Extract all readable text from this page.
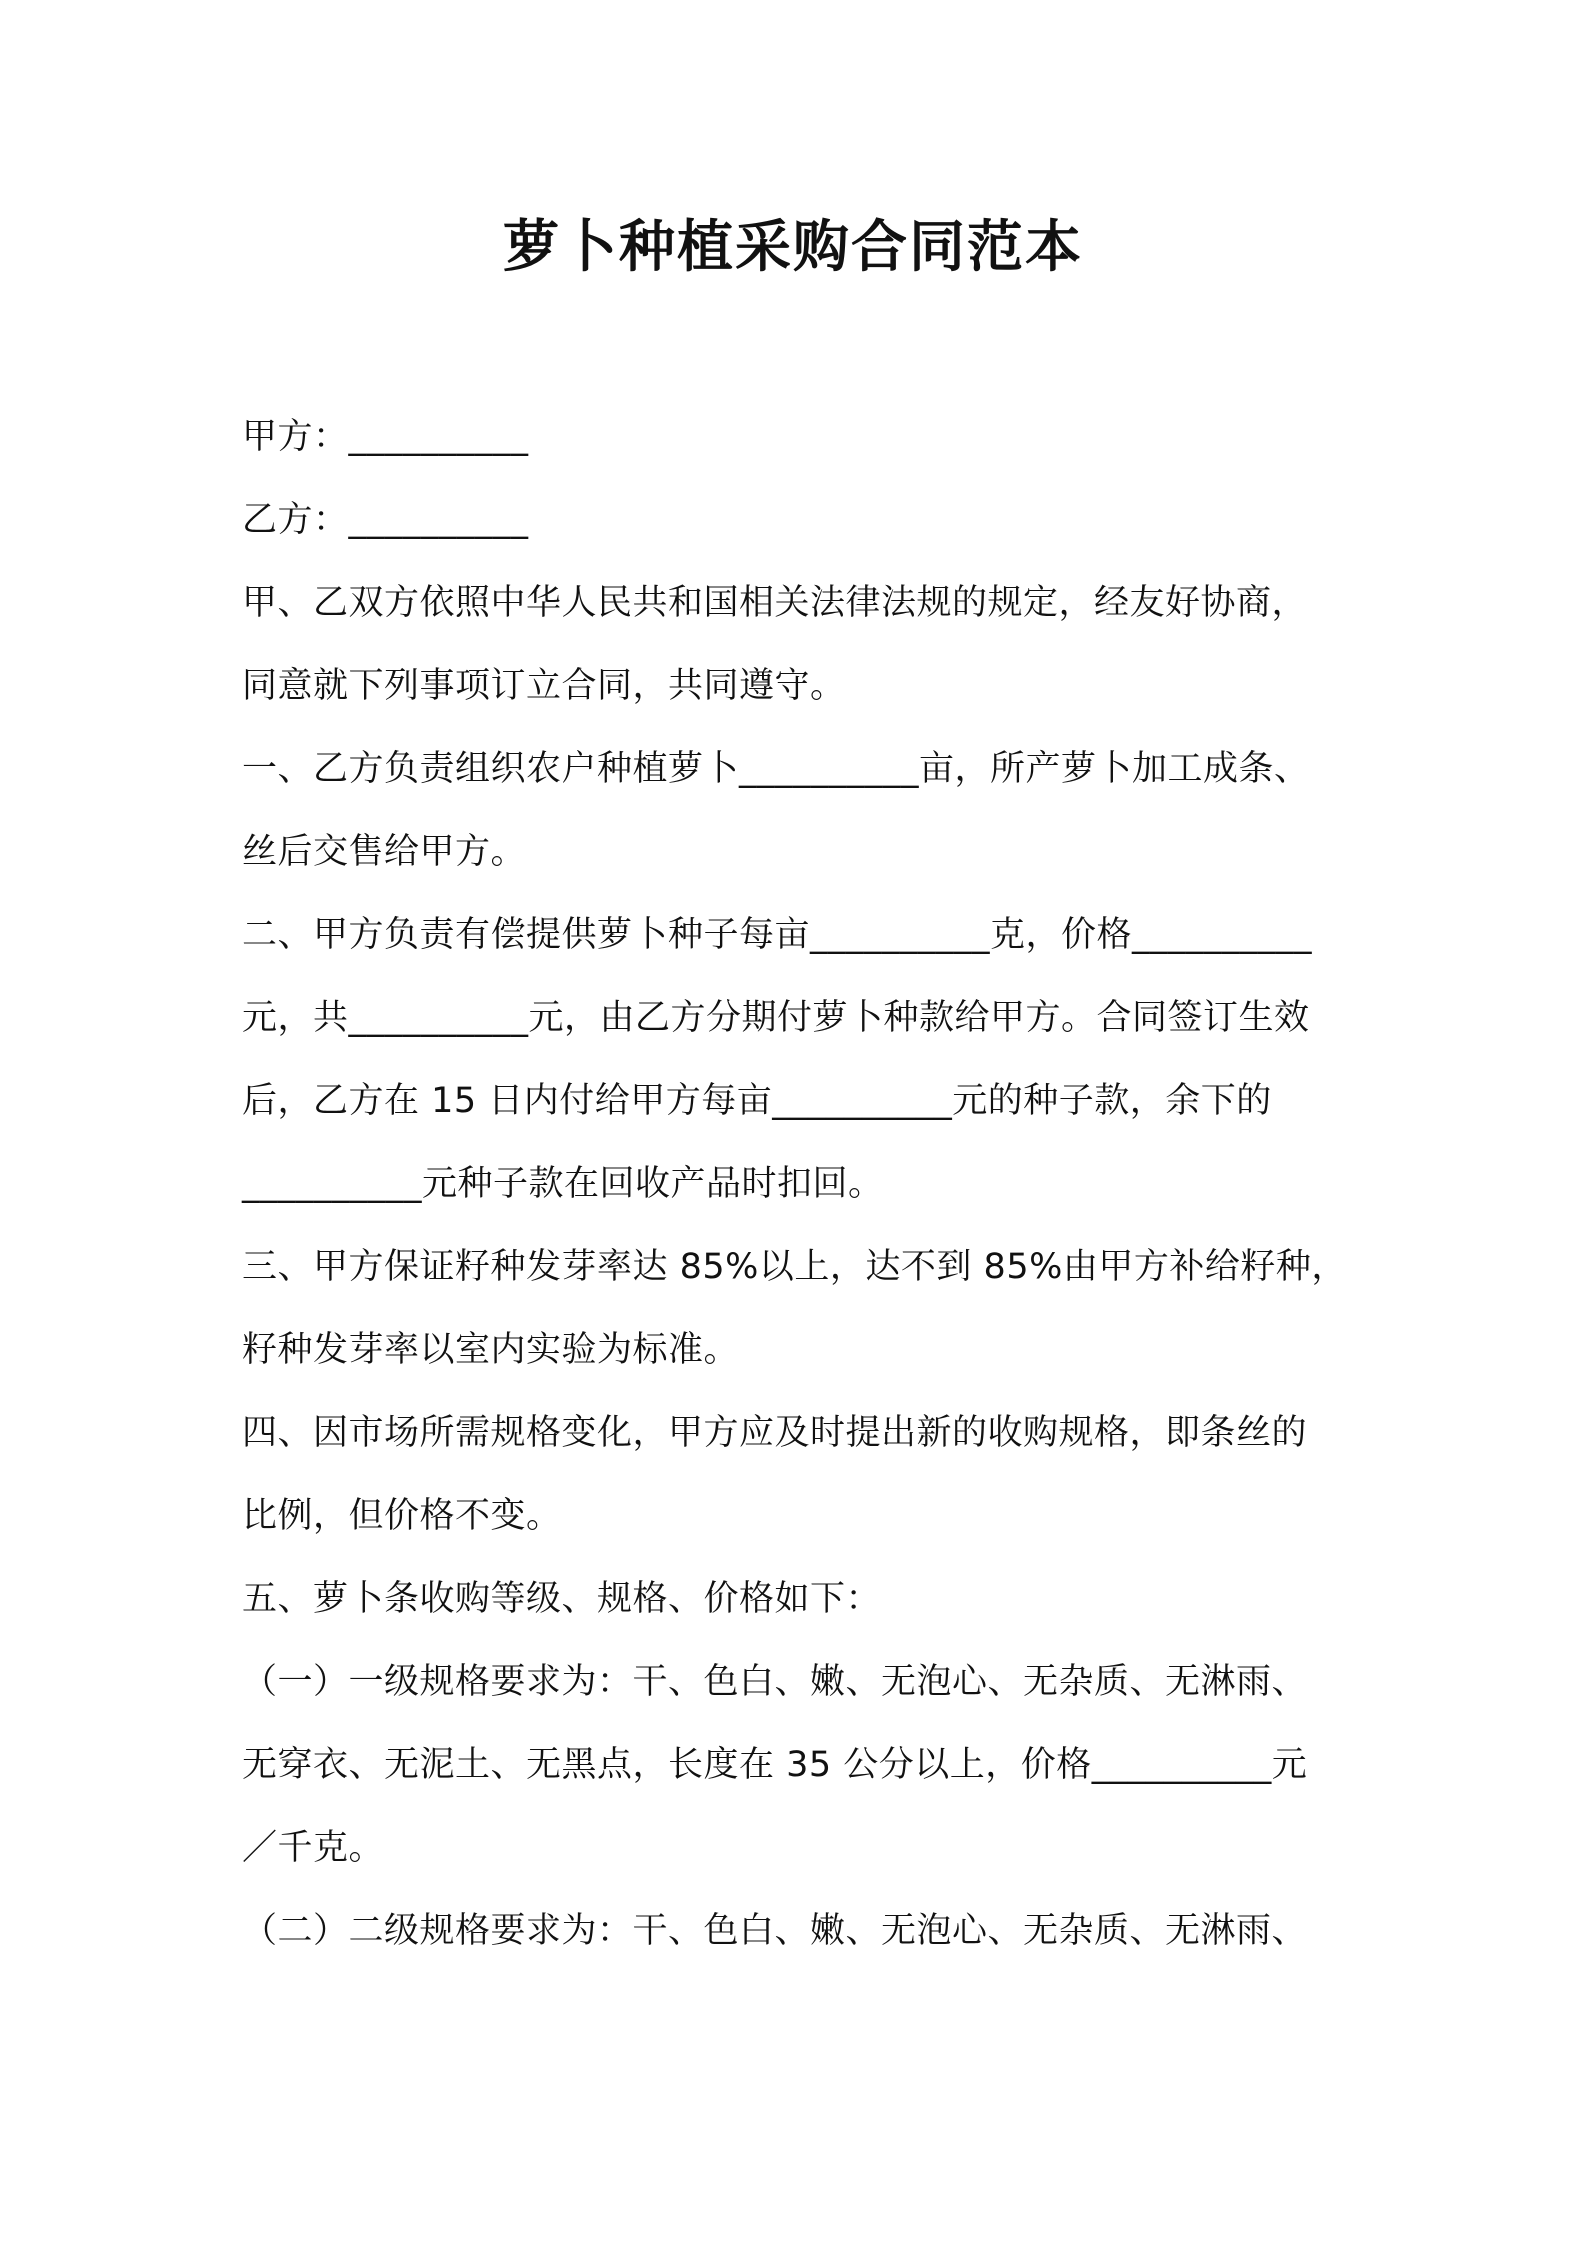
萝卜种植采购合同范本
甲方：__________
乙方：__________
甲、乙双方依照中华人民共和国相关法律法规的规定，经友好协商，
同意就下列事项订立合同，共同遵守。
一、乙方负责组织农户种植萝卜__________亩，所产萝卜加工成条、
丝后交售给甲方。
二、甲方负责有偿提供萝卜种子每亩__________克，价格__________
元，共__________元，由乙方分期付萝卜种款给甲方。合同签订生效
后，乙方在 15 日内付给甲方每亩__________元的种子款，余下的
__________元种子款在回收产品时扣回。
三、甲方保证籽种发芽率达 85%以上，达不到 85%由甲方补给籽种，
籽种发芽率以室内实验为标准。
四、因市场所需规格变化，甲方应及时提出新的收购规格，即条丝的
比例，但价格不变。
五、萝卜条收购等级、规格、价格如下：
（一）一级规格要求为：干、色白、嫩、无泡心、无杂质、无淋雨、
无穿衣、无泥土、无黑点，长度在 35 公分以上，价格__________元
／千克。
（二）二级规格要求为：干、色白、嫩、无泡心、无杂质、无淋雨、
